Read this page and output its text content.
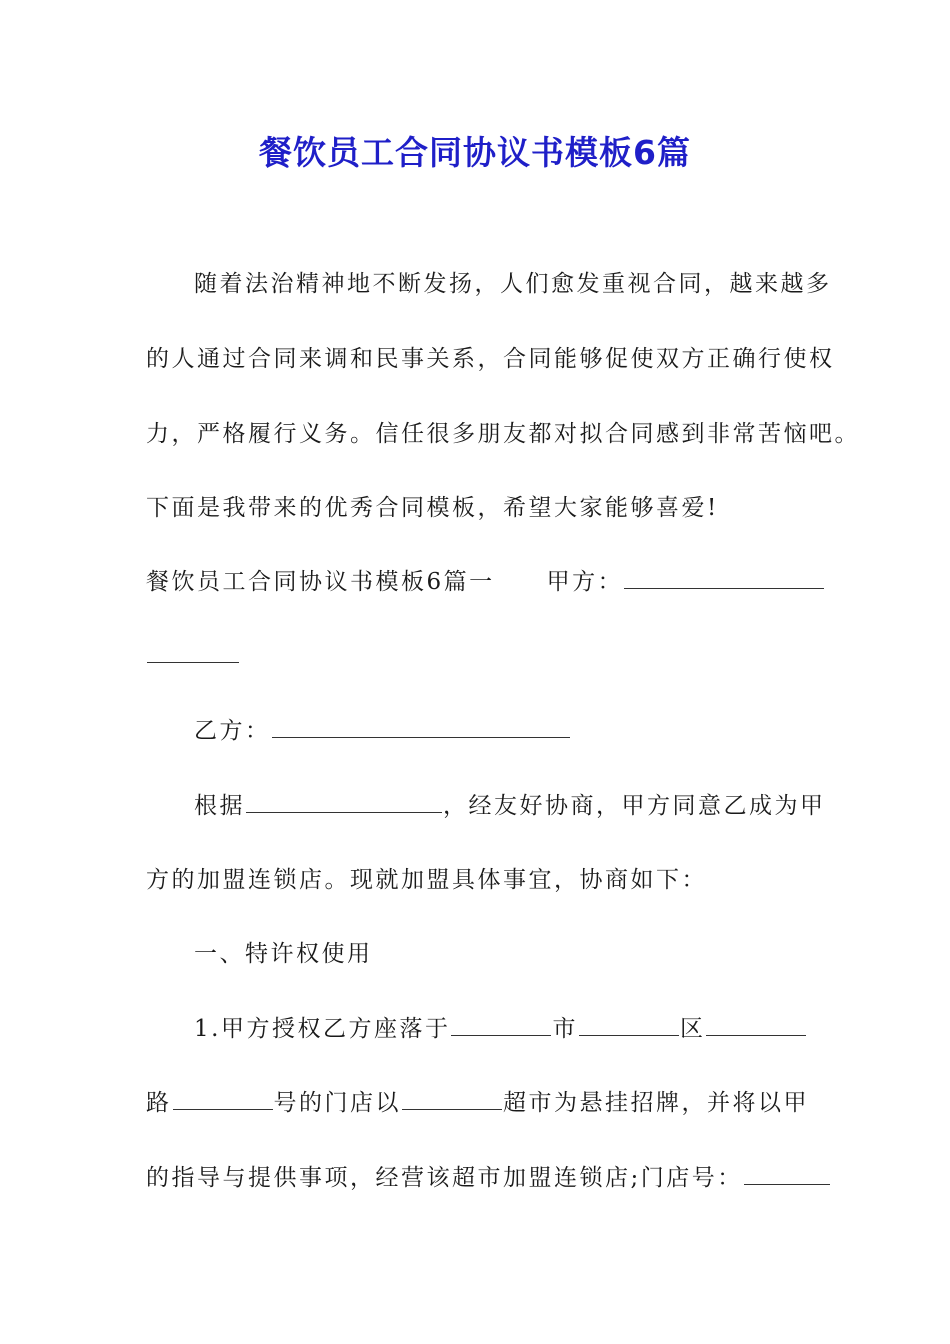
餐饮员工合同协议书模板6篇
随着法治精神地不断发扬，人们愈发重视合同，越来越多
的人通过合同来调和民事关系，合同能够促使双方正确行使权
力，严格履行义务。信任很多朋友都对拟合同感到非常苦恼吧。
下面是我带来的优秀合同模板，希望大家能够喜爱!
餐饮员工合同协议书模板6篇一 甲方：
乙方：
根据	，经友好协商，甲方同意乙成为甲
方的加盟连锁店。现就加盟具体事宜，协商如下：
一、特许权使用
1.甲方授权乙方座落于	市	区
路	号的门店以	超市为悬挂招牌，并将以甲
的指导与提供事项，经营该超市加盟连锁店;门店号：
